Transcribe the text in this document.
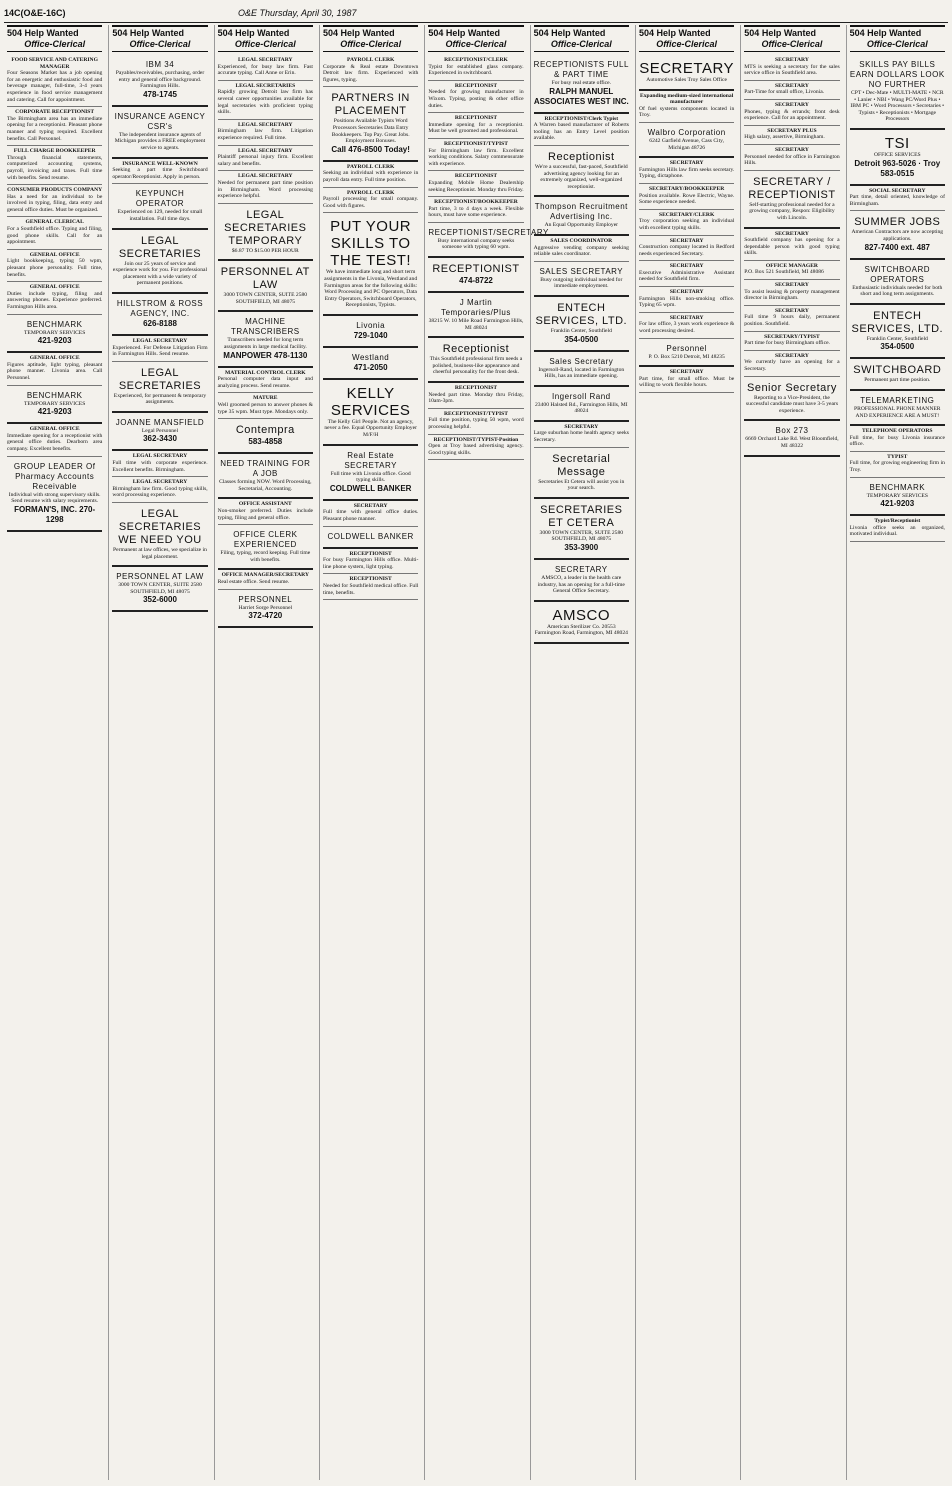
14C(O&E-16C)	O&E Thursday, April 30, 1987
504 Help Wanted
Office-Clerical
FOOD SERVICE AND CATERING MANAGER
Four Seasons Market has a job opening for an energetic and enthusiastic food and beverage manager, full-time, 3-4 years experience in food service management and catering. Call for appointment.
CORPORATE RECEPTIONIST
The Birmingham area has an immediate opening for a receptionist. Pleasant phone manner and typing required. Excellent benefits. Call Personnel.
FULL CHARGE BOOKKEEPER
Through financial statements, computerized accounting systems, payroll, invoicing and taxes. Full time with benefits. Send resume.
CONSUMER PRODUCTS COMPANY
Has a need for an individual to be involved in typing, filing, data entry and general office duties. Must be organized.
GENERAL CLERICAL
For a Southfield office. Typing and filing, good phone skills. Call for an appointment.
GENERAL OFFICE
Light bookkeeping, typing 50 wpm, pleasant phone personality. Full time, benefits.
GENERAL OFFICE
Duties include typing, filing and answering phones. Experience preferred. Farmington Hills area.
BENCHMARK
TEMPORARY SERVICES
421-9203
GENERAL OFFICE
Figures aptitude, light typing, pleasant phone manner. Livonia area. Call Personnel.
BENCHMARK
TEMPORARY SERVICES
421-9203
GENERAL OFFICE
Immediate opening for a receptionist with general office duties. Dearborn area company. Excellent benefits.
GROUP LEADER Of Pharmacy Accounts Receivable
Individual with strong supervisory skills. Send resume with salary requirements.
FORMAN'S, INC. 270-1298
504 Help Wanted
Office-Clerical
IBM 34
Payables/receivables, purchasing, order entry and general office background. Farmington Hills.
478-1745
INSURANCE AGENCY CSR's
The independent insurance agents of Michigan provides a FREE employment service to agents.
INSURANCE WELL-KNOWN
Seeking a part time Switchboard operator/Receptionist. Apply in person.
KEYPUNCH OPERATOR
Experienced on 129, needed for small installation. Full time days.
LEGAL SECRETARIES
Join our 25 years of service and experience work for you. For professional placement with a wide variety of permanent positions.
HILLSTROM & ROSS AGENCY, INC.
626-8188
LEGAL SECRETARY
Experienced. For Defense Litigation Firm in Farmington Hills. Send resume.
LEGAL SECRETARIES
Experienced, for permanent & temporary assignments.
JOANNE MANSFIELD
Legal Personnel
362-3430
LEGAL SECRETARY
Full time with corporate experience. Excellent benefits. Birmingham.
LEGAL SECRETARY
Birmingham law firm. Good typing skills, word processing experience.
LEGAL SECRETARIES WE NEED YOU
Permanent at law offices, we specialize in legal placement.
PERSONNEL AT LAW
3000 TOWN CENTER, SUITE 2580 SOUTHFIELD, MI 48075
352-6000
504 Help Wanted
Office-Clerical
LEGAL SECRETARY
Experienced, for busy law firm. Fast accurate typing. Call Anne or Erin.
LEGAL SECRETARIES
Rapidly growing Detroit law firm has several career opportunities available for legal secretaries with proficient typing skills.
LEGAL SECRETARY
Birmingham law firm. Litigation experience required. Full time.
LEGAL SECRETARY
Plaintiff personal injury firm. Excellent salary and benefits.
LEGAL SECRETARY
Needed for permanent part time position in Birmingham. Word processing experience helpful.
LEGAL SECRETARIES TEMPORARY
$6.87 TO $15.00 PER HOUR
PERSONNEL AT LAW
3000 TOWN CENTER, SUITE 2580 SOUTHFIELD, MI 48075
MACHINE TRANSCRIBERS
Transcribers needed for long term assignments in large medical facility.
MANPOWER 478-1130
MATERIAL CONTROL CLERK
Personal computer data input and analyzing process. Send resume.
MATURE
Well groomed person to answer phones & type 35 wpm. Must type. Mondays only.
Contempra
583-4858
NEED TRAINING FOR A JOB
Classes forming NOW. Word Processing, Secretarial, Accounting.
OFFICE ASSISTANT
Non-smoker preferred. Duties include typing, filing and general office.
OFFICE CLERK EXPERIENCED
Filing, typing, record keeping. Full time with benefits.
OFFICE MANAGER/SECRETARY
Real estate office. Send resume.
PERSONNEL
Harriet Sorge Personnel
372-4720
504 Help Wanted
Office-Clerical
PAYROLL CLERK
Corporate & Real estate Downtown Detroit law firm. Experienced with figures, typing.
PARTNERS IN PLACEMENT
Positions Available Typists Word Processors Secretaries Data Entry Bookkeepers. Top Pay. Great Jobs. Employment Bonuses.
Call 476-8500 Today!
PAYROLL CLERK
Seeking an individual with experience in payroll data entry. Full time position.
PAYROLL CLERK
Payroll processing for small company. Good with figures.
PUT YOUR SKILLS TO THE TEST!
We have immediate long and short term assignments in the Livonia, Westland and Farmington areas for the following skills: Word Processing and PC Operators, Data Entry Operators, Switchboard Operators, Receptionists, Typists.
Livonia
729-1040
Westland
471-2050
KELLY SERVICES
The Kelly Girl People. Not an agency, never a fee. Equal Opportunity Employer M/F/H
Real Estate SECRETARY
Full time with Livonia office. Good typing skills.
COLDWELL BANKER
SECRETARY
Full time with general office duties. Pleasant phone manner.
COLDWELL BANKER
RECEPTIONIST
For busy Farmington Hills office. Multi-line phone system, light typing.
RECEPTIONIST
Needed for Southfield medical office. Full time, benefits.
504 Help Wanted
Office-Clerical
RECEPTIONIST/CLERK
Typist for established glass company. Experienced in switchboard.
RECEPTIONIST
Needed for growing manufacturer in Wixom. Typing, posting & other office duties.
RECEPTIONIST
Immediate opening for a receptionist. Must be well groomed and professional.
RECEPTIONIST/TYPIST
For Birmingham law firm. Excellent working conditions. Salary commensurate with experience.
RECEPTIONIST
Expanding Mobile Home Dealership seeking Receptionist. Monday thru Friday.
RECEPTIONIST/BOOKKEEPER
Part time, 3 to 4 days a week. Flexible hours, must have some experience.
RECEPTIONIST/SECRETARY
Busy international company seeks someone with typing 60 wpm.
RECEPTIONIST
474-8722
J Martin Temporaries/Plus
38215 W. 10 Mile Road Farmington Hills, MI 48024
Receptionist
This Southfield professional firm needs a polished, business-like appearance and cheerful personality for the front desk.
RECEPTIONIST
Needed part time. Monday thru Friday, 10am-3pm.
RECEPTIONIST/TYPIST
Full time position, typing 50 wpm, word processing helpful.
RECEPTIONIST/TYPIST-Position
Open at Troy based advertising agency. Good typing skills.
504 Help Wanted
Office-Clerical
RECEPTIONISTS FULL & PART TIME
For busy real estate office.
RALPH MANUEL ASSOCIATES WEST INC.
RECEPTIONIST/Clerk Typist
A Warren based manufacturer of Roberts tooling has an Entry Level position available.
Receptionist
We're a successful, fast-paced, Southfield advertising agency looking for an extremely organized, well-organized receptionist.
Thompson Recruitment Advertising Inc.
An Equal Opportunity Employer
SALES COORDINATOR
Aggressive vending company seeking reliable sales coordinator.
SALES SECRETARY
Busy outgoing individual needed for immediate employment.
ENTECH SERVICES, LTD.
Franklin Center, Southfield
354-0500
Sales Secretary
Ingersoll-Rand, located in Farmington Hills, has an immediate opening.
Ingersoll Rand
23400 Halsted Rd., Farmington Hills, MI 48024
SECRETARY
Large suburban home health agency seeks Secretary.
Secretarial Message
Secretaries Et Cetera will assist you in your search.
SECRETARIES ET CETERA
3000 TOWN CENTER, SUITE 2580 SOUTHFIELD, MI 48075
353-3900
SECRETARY
AMSCO, a leader in the health care industry, has an opening for a full-time General Office Secretary.
AMSCO
American Sterilizer Co. 20553 Farmington Road, Farmington, MI 48024
504 Help Wanted
Office-Clerical
SECRETARY
Automotive Sales Troy Sales Office
Expanding medium-sized international manufacturer
Of fuel systems components located in Troy.
Walbro Corporation
6242 Garfield Avenue, Cass City, Michigan 48726
SECRETARY
Farmington Hills law firm seeks secretary. Typing, dictaphone.
SECRETARY/BOOKKEEPER
Position available. Rowe Electric, Wayne. Some experience needed.
SECRETARY/CLERK
Troy corporation seeking an individual with excellent typing skills.
SECRETARY
Construction company located in Redford needs experienced Secretary.
SECRETARY
Executive Administrative Assistant needed for Southfield firm.
SECRETARY
Farmington Hills non-smoking office. Typing 65 wpm.
SECRETARY
For law office, 3 years work experience & word processing desired.
Personnel
P. O. Box 5210 Detroit, MI 48235
SECRETARY
Part time, for small office. Must be willing to work flexible hours.
504 Help Wanted
Office-Clerical
SECRETARY
MTS is seeking a secretary for the sales service office in Southfield area.
SECRETARY
Part-Time for small office, Livonia.
SECRETARY
Phones, typing & errands; front desk experience. Call for an appointment.
SECRETARY PLUS
High salary, assertive, Birmingham.
SECRETARY
Personnel needed for office in Farmington Hills.
SECRETARY / RECEPTIONIST
Self-starting professional needed for a growing company, Respon: Eligibility with Lincoln.
SECRETARY
Southfield company has opening for a dependable person with good typing skills.
OFFICE MANAGER
P.O. Box 521 Southfield, MI 48086
SECRETARY
To assist leasing & property management director in Birmingham.
SECRETARY
Full time 9 hours daily, permanent position. Southfield.
SECRETARY/TYPIST
Part time for busy Birmingham office.
SECRETARY
We currently have an opening for a Secretary.
Senior Secretary
Reporting to a Vice-President, the successful candidate must have 3-5 years experience.
Box 273
6669 Orchard Lake Rd. West Bloomfield, MI 48322
504 Help Wanted
Office-Clerical
SKILLS PAY BILLS EARN DOLLARS LOOK NO FURTHER
CPT • Dec-Mate • MULTI-MATE • NCR • Lanier • NBI • Wang PC/Word Plus • IBM PC • Word Processors • Secretaries • Typists • Receptionists • Mortgage Processors
TSI
OFFICE SERVICES
Detroit 963-5026 · Troy 583-0515
SOCIAL SECRETARY
Part time, detail oriented, knowledge of Birmingham.
SUMMER JOBS
American Contractors are now accepting applications.
827-7400 ext. 487
SWITCHBOARD OPERATORS
Enthusiastic individuals needed for both short and long term assignments.
ENTECH SERVICES, LTD.
Franklin Center, Southfield
354-0500
SWITCHBOARD
Permanent part time position.
TELEMARKETING
PROFESSIONAL PHONE MANNER AND EXPERIENCE ARE A MUST!
TELEPHONE OPERATORS
Full time, for busy Livonia insurance office.
TYPIST
Full time, for growing engineering firm in Troy.
BENCHMARK
TEMPORARY SERVICES
421-9203
Typist/Receptionist
Livonia office seeks an organized, motivated individual.
